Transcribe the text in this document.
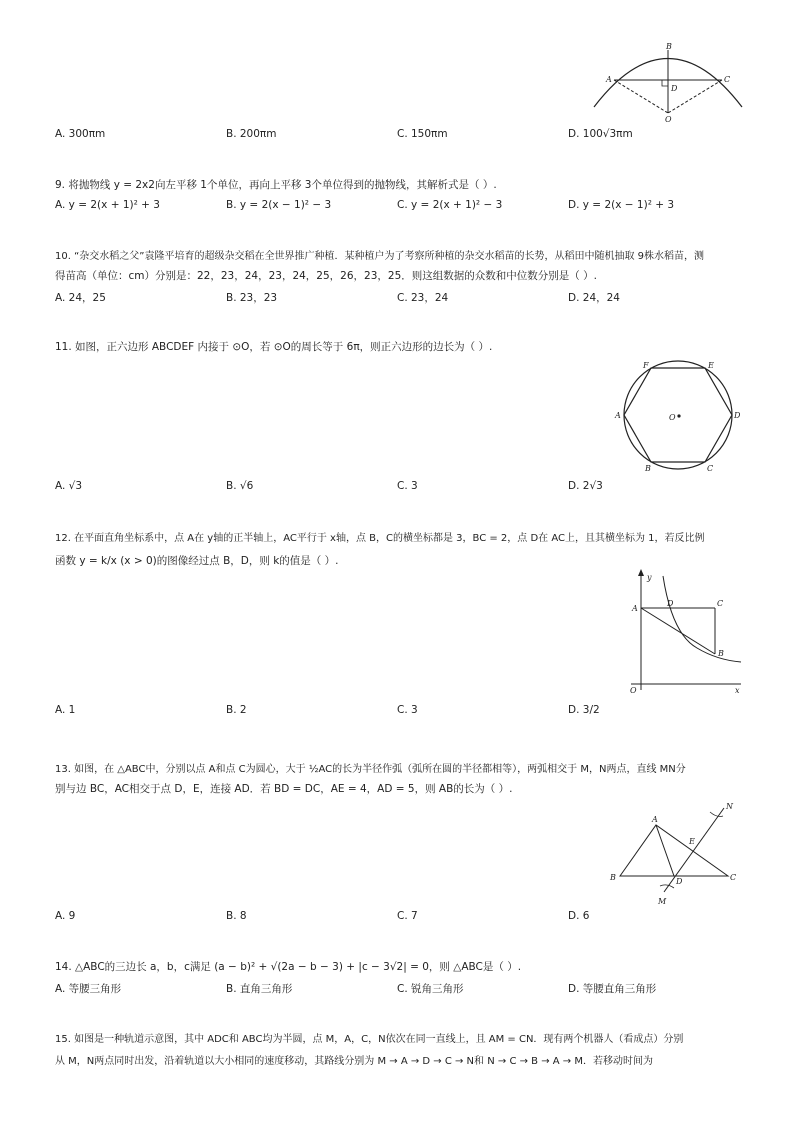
B
A	C
D
O
A. 300πm	B. 200πm	C. 150πm	D. 100√3πm
9. 将抛物线 y = 2x2向左平移 1个单位，再向上平移 3个单位得到的抛物线，其解析式是（ ）.
A. y = 2(x + 1)² + 3	B. y = 2(x − 1)² − 3	C. y = 2(x + 1)² − 3	D. y = 2(x − 1)² + 3
10. “杂交水稻之父”袁隆平培育的超级杂交稻在全世界推广种植．某种植户为了考察所种植的杂交水稻苗的长势，从稻田中随机抽取 9株水稻苗，测
得苗高（单位：cm）分别是：22，23，24，23，24，25，26，23，25．则这组数据的众数和中位数分别是（ ）.
A. 24，25	B. 23，23	C. 23，24	D. 24，24
11. 如图，正六边形 ABCDEF 内接于 ⊙O，若 ⊙O的周长等于 6π，则正六边形的边长为（ ）.
F	E
A	D
O
B	C
A. √3	B. √6	C. 3	D. 2√3
12. 在平面直角坐标系中，点 A在 y轴的正半轴上，AC平行于 x轴，点 B，C的横坐标都是 3，BC = 2，点 D在 AC上，且其横坐标为 1，若反比例
函数 y = k/x (x > 0)的图像经过点 B，D，则 k的值是（ ）.
y
A
D	C
B
O	x
A. 1	B. 2	C. 3	D. 3/2
13. 如图，在 △ABC中，分别以点 A和点 C为圆心，大于 ½AC的长为半径作弧（弧所在圆的半径都相等），两弧相交于 M，N两点，直线 MN分
别与边 BC，AC相交于点 D，E，连接 AD．若 BD = DC，AE = 4，AD = 5，则 AB的长为（ ）.
A
N
E
B	D	C
M
A. 9	B. 8	C. 7	D. 6
14. △ABC的三边长 a，b，c满足 (a − b)² + √(2a − b − 3) + |c − 3√2| = 0，则 △ABC是（ ）.
A. 等腰三角形	B. 直角三角形	C. 锐角三角形	D. 等腰直角三角形
15. 如图是一种轨道示意图，其中 ADC和 ABC均为半圆，点 M，A，C，N依次在同一直线上，且 AM = CN．现有两个机器人（看成点）分别
从 M，N两点同时出发，沿着轨道以大小相同的速度移动，其路线分别为 M → A → D → C → N和 N → C → B → A → M．若移动时间为
